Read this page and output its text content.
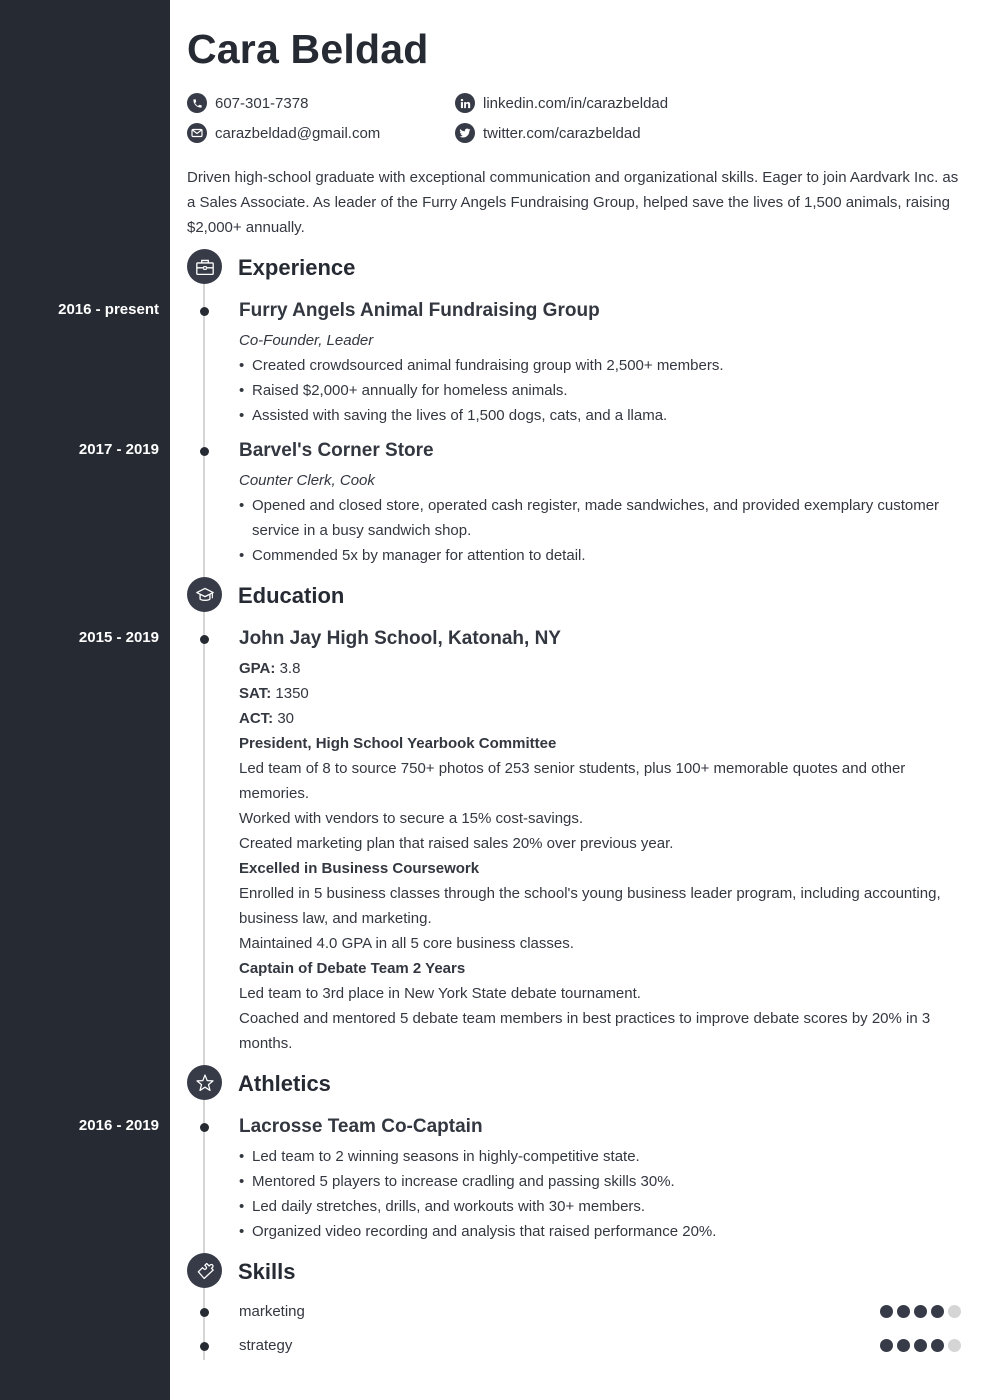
Cara Beldad
607-301-7378
carazbeldad@gmail.com
linkedin.com/in/carazbeldad
twitter.com/carazbeldad

Driven high-school graduate with exceptional communication and organizational skills. Eager to join Aardvark Inc. as a Sales Associate. As leader of the Furry Angels Fundraising Group, helped save the lives of 1,500 animals, raising $2,000+ annually.

Experience
2016 - present	Furry Angels Animal Fundraising Group
Co-Founder, Leader
• Created crowdsourced animal fundraising group with 2,500+ members.
• Raised $2,000+ annually for homeless animals.
• Assisted with saving the lives of 1,500 dogs, cats, and a llama.
2017 - 2019	Barvel's Corner Store
Counter Clerk, Cook
• Opened and closed store, operated cash register, made sandwiches, and provided exemplary customer service in a busy sandwich shop.
• Commended 5x by manager for attention to detail.
Education
2015 - 2019	John Jay High School, Katonah, NY
GPA: 3.8
SAT: 1350
ACT: 30
President, High School Yearbook Committee
Led team of 8 to source 750+ photos of 253 senior students, plus 100+ memorable quotes and other memories.
Worked with vendors to secure a 15% cost-savings.
Created marketing plan that raised sales 20% over previous year.
Excelled in Business Coursework
Enrolled in 5 business classes through the school's young business leader program, including accounting, business law, and marketing.
Maintained 4.0 GPA in all 5 core business classes.
Captain of Debate Team 2 Years
Led team to 3rd place in New York State debate tournament.
Coached and mentored 5 debate team members in best practices to improve debate scores by 20% in 3 months.
Athletics
2016 - 2019	Lacrosse Team Co-Captain
• Led team to 2 winning seasons in highly-competitive state.
• Mentored 5 players to increase cradling and passing skills 30%.
• Led daily stretches, drills, and workouts with 30+ members.
• Organized video recording and analysis that raised performance 20%.
Skills
marketing
strategy
